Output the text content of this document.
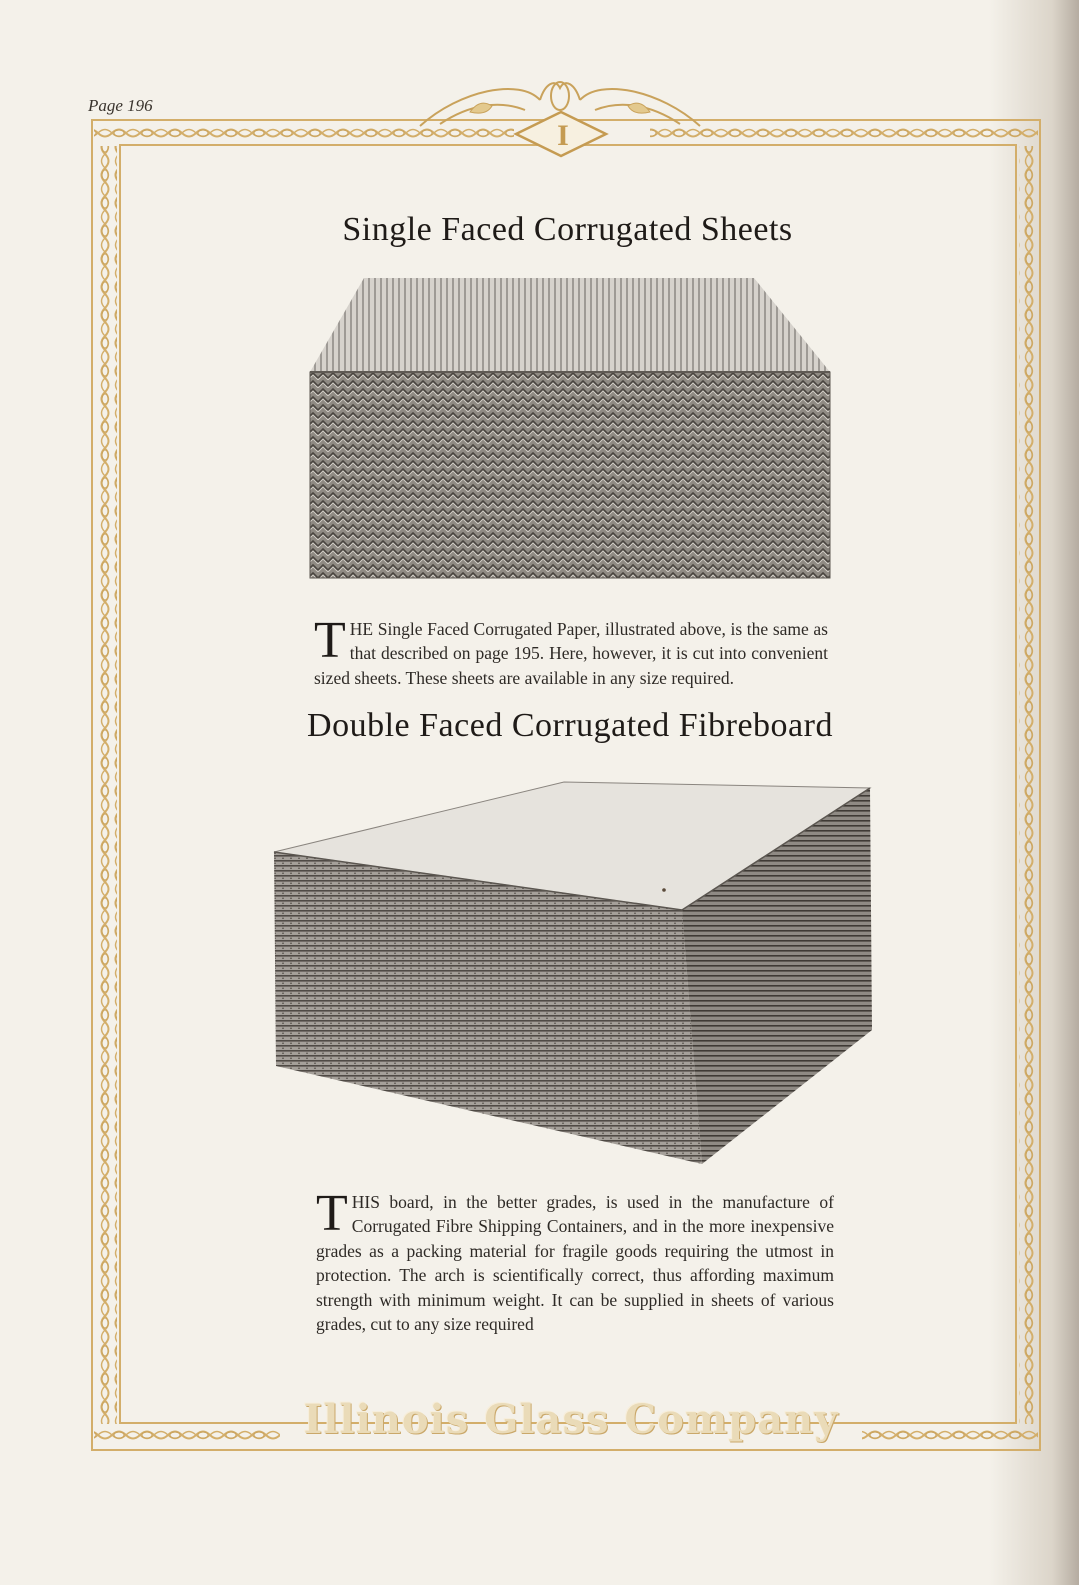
Page 196
I
Single Faced Corrugated Sheets

THE Single Faced Corrugated Paper, illustrated above, is the same as that described on page 195. Here, however, it is cut into convenient sized sheets. These sheets are available in any size required.

Double Faced Corrugated Fibreboard

THIS board, in the better grades, is used in the manufacture of Corrugated Fibre Shipping Containers, and in the more inexpensive grades as a packing material for fragile goods requiring the utmost in protection. The arch is scientifically correct, thus affording maximum strength with minimum weight. It can be supplied in sheets of various grades, cut to any size required

Illinois Glass Company
